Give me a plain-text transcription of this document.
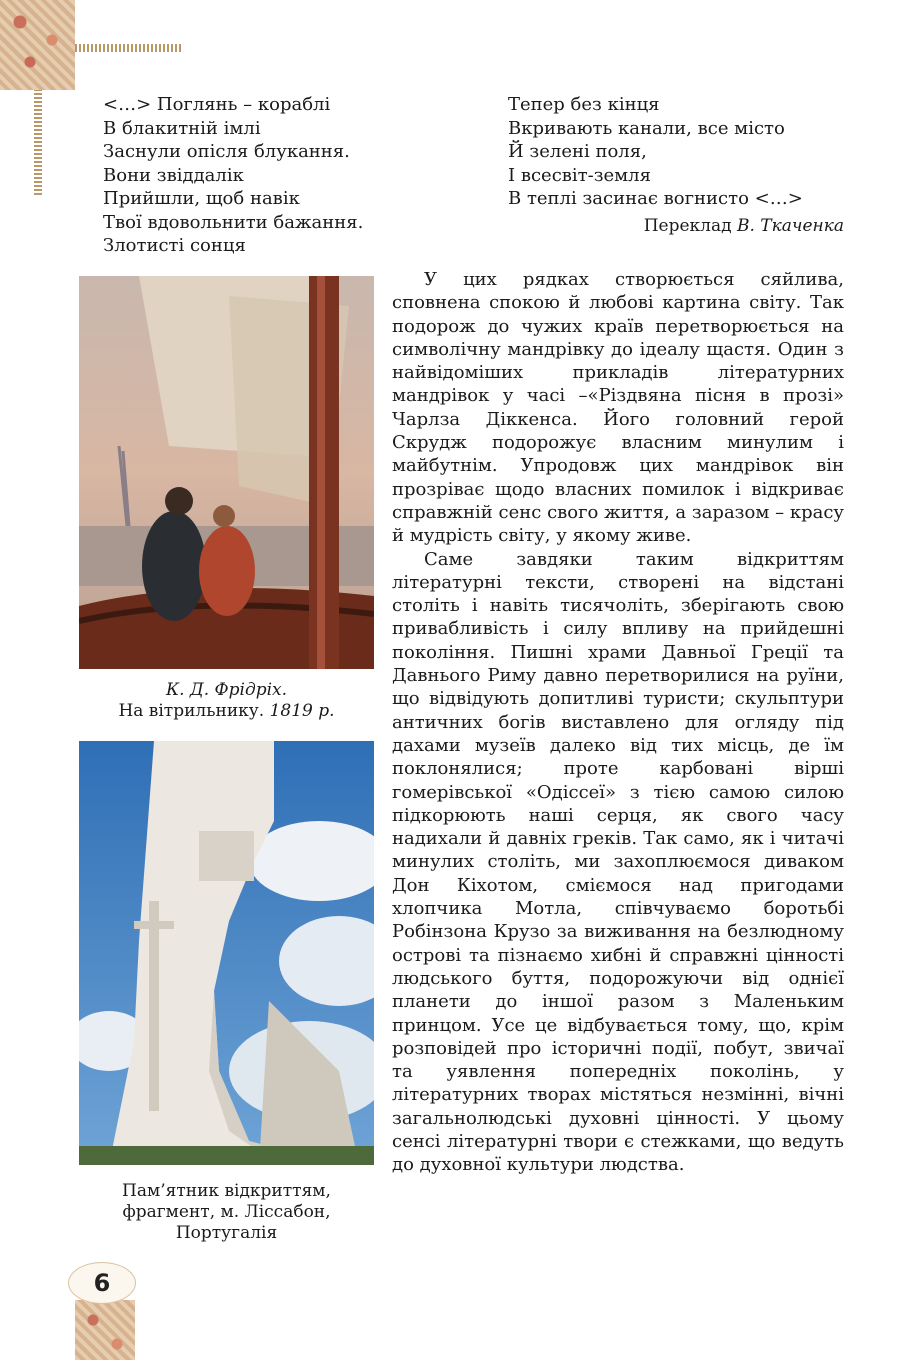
<…> Поглянь – кораблі
В блакитній імлі
Заснули опісля блукання.
Вони звіддалік
Прийшли, щоб навік
Твої вдовольнити бажання.
Злотисті сонця
Тепер без кінця
Вкривають канали, все місто
Й зелені поля,
І всесвіт-земля
В теплі засинає вогнисто <…>
Переклад В. Ткаченка
К. Д. Фрідріх.
На вітрильнику. 1819 р.
Пам’ятник відкриттям,
фрагмент, м. Ліссабон,
Португалія

У цих рядках створюється сяйлива, сповнена спокою й любові картина світу. Так подорож до чужих країв перетворюється на символічну мандрівку до ідеалу щастя. Один з найвідоміших прикладів літературних мандрівок у часі –«Різдвяна пісня в прозі» Чарлза Діккенса. Його головний герой Скрудж подорожує власним минулим і майбутнім. Упродовж цих мандрівок він прозріває щодо власних помилок і відкриває справжній сенс свого життя, а заразом – красу й мудрість світу, у якому живе.

Саме завдяки таким відкриттям літературні тексти, створені на відстані століть і навіть тисячоліть, зберігають свою привабливість і силу впливу на прийдешні покоління. Пишні храми Давньої Греції та Давнього Риму давно перетворилися на руїни, що відвідують допитливі туристи; скульптури античних богів виставлено для огляду під дахами музеїв далеко від тих місць, де їм поклонялися; проте карбовані вірші гомерівської «Одіссеї» з тією самою силою підкорюють наші серця, як свого часу надихали й давніх греків. Так само, як і читачі минулих століть, ми захоплюємося диваком Дон Кіхотом, сміємося над пригодами хлопчика Мотла, співчуваємо боротьбі Робінзона Крузо за виживання на безлюдному острові та пізнаємо хибні й справжні цінності людського буття, подорожуючи від однієї планети до іншої разом з Маленьким принцом. Усе це відбувається тому, що, крім розповідей про історичні події, побут, звичаї та уявлення попередніх поколінь, у літературних творах містяться незмінні, вічні загальнолюдські духовні цінності. У цьому сенсі літературні твори є стежками, що ведуть до духовної культури людства.

6
